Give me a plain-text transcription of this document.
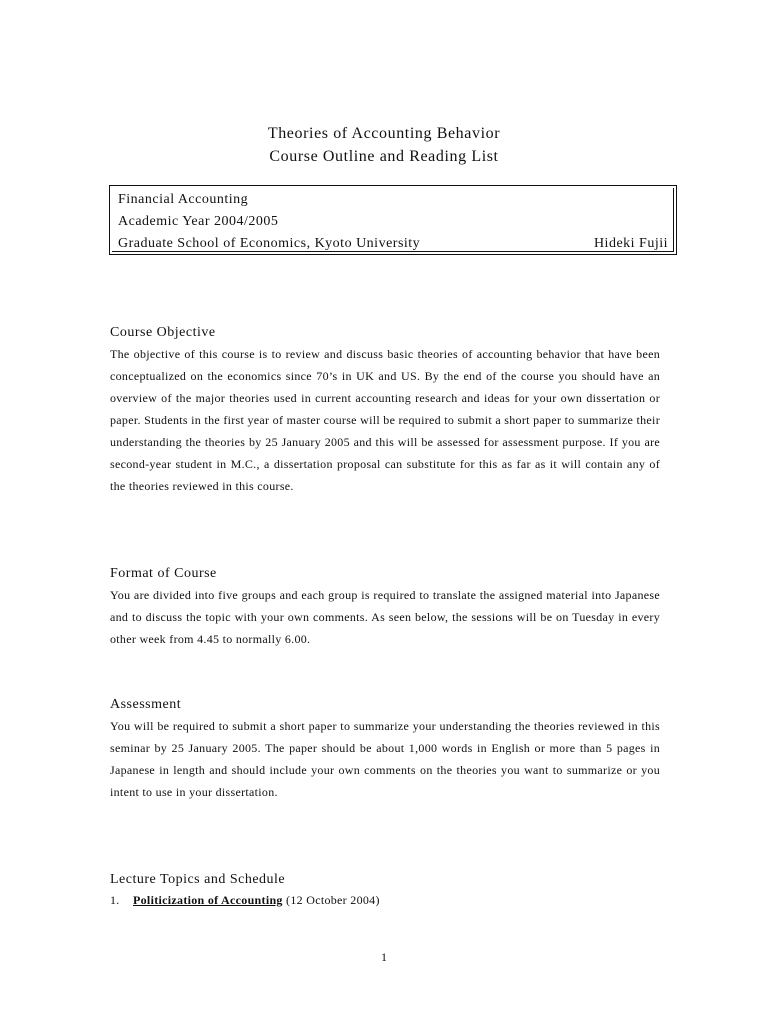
Theories of Accounting Behavior
Course Outline and Reading List
Financial Accounting
Academic Year 2004/2005
Graduate School of Economics, Kyoto University	Hideki Fujii
Course Objective
The objective of this course is to review and discuss basic theories of accounting behavior that have been conceptualized on the economics since 70’s in UK and US. By the end of the course you should have an overview of the major theories used in current accounting research and ideas for your own dissertation or paper. Students in the first year of master course will be required to submit a short paper to summarize their understanding the theories by 25 January 2005 and this will be assessed for assessment purpose. If you are second-year student in M.C., a dissertation proposal can substitute for this as far as it will contain any of the theories reviewed in this course.
Format of Course
You are divided into five groups and each group is required to translate the assigned material into Japanese and to discuss the topic with your own comments. As seen below, the sessions will be on Tuesday in every other week from 4.45 to normally 6.00.
Assessment
You will be required to submit a short paper to summarize your understanding the theories reviewed in this seminar by 25 January 2005. The paper should be about 1,000 words in English or more than 5 pages in Japanese in length and should include your own comments on the theories you want to summarize or you intent to use in your dissertation.
Lecture Topics and Schedule
1. Politicization of Accounting (12 October 2004)
1
